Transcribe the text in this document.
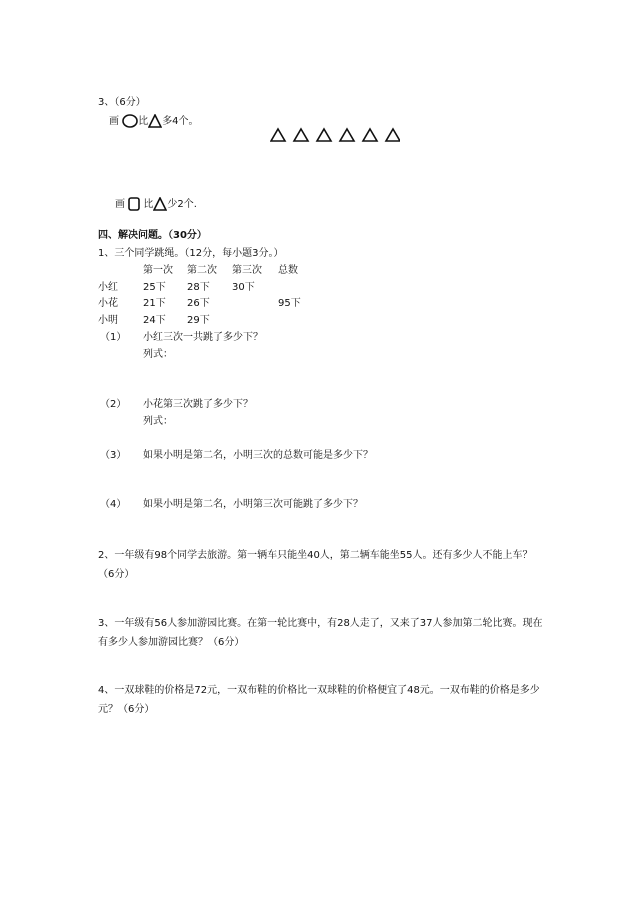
3、（6分）
画 比 多4个。
画 比 少2个.
四、解决问题。（30分）
1、三个同学跳绳。（12分，每小题3分。）
第一次 第二次 第三次 总数
小红	25下 28下 30下
小花	21下 26下	95下
小明	24下 29下
（1） 小红三次一共跳了多少下？
列式：
（2） 小花第三次跳了多少下？
列式：
（3） 如果小明是第二名，小明三次的总数可能是多少下？
（4） 如果小明是第二名，小明第三次可能跳了多少下？
2、一年级有98个同学去旅游。第一辆车只能坐40人，第二辆车能坐55人。还有多少人不能上车？（6分）
3、一年级有56人参加游园比赛。在第一轮比赛中，有28人走了，又来了37人参加第二轮比赛。现在有多少人参加游园比赛？（6分）
4、一双球鞋的价格是72元，一双布鞋的价格比一双球鞋的价格便宜了48元。一双布鞋的价格是多少元？（6分）
